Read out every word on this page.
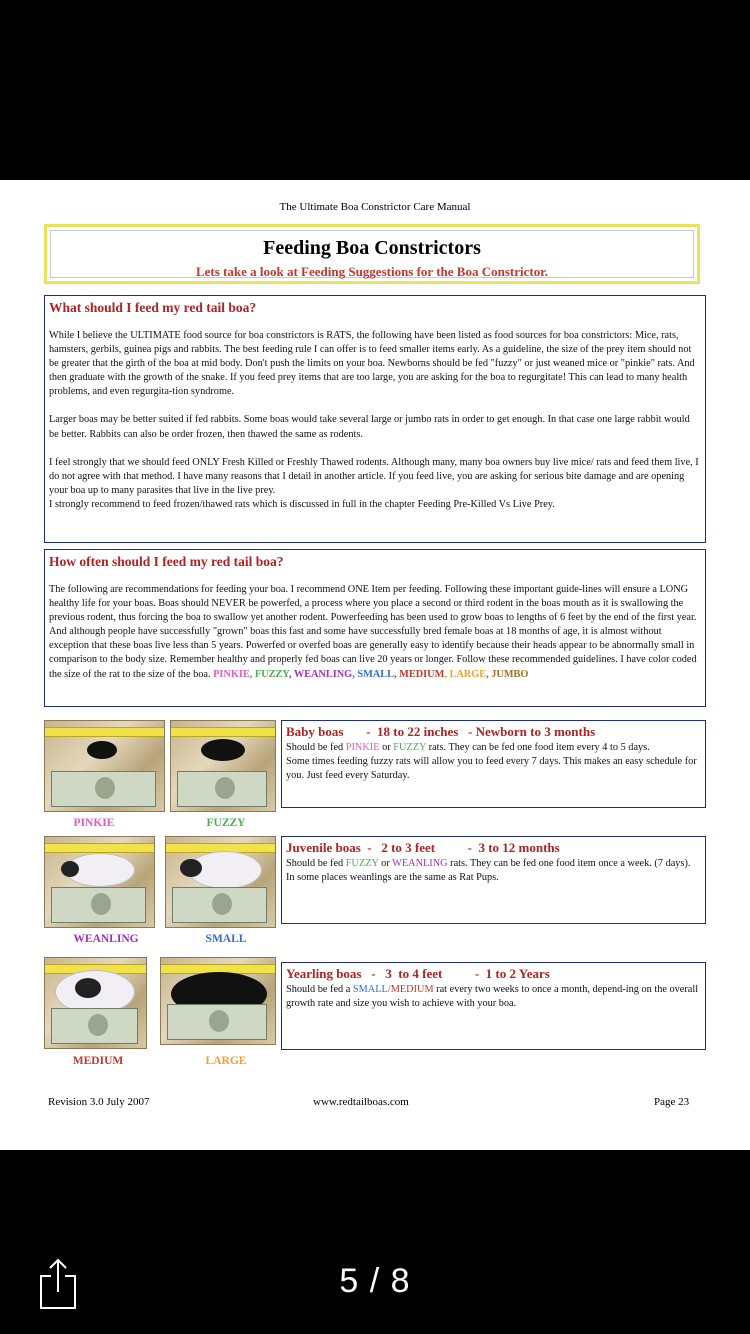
The Ultimate Boa Constrictor Care Manual
Feeding Boa Constrictors
Lets take a look at Feeding Suggestions for the Boa Constrictor.
What should I feed my red tail boa?

While I believe the ULTIMATE food source for boa constrictors is RATS, the following have been listed as food sources for boa constrictors: Mice, rats, hamsters, gerbils, guinea pigs and rabbits. The best feeding rule I can offer is to feed smaller items early. As a guideline, the size of the prey item should not be greater that the girth of the boa at mid body. Don't push the limits on your boa. Newborns should be fed "fuzzy" or just weaned mice or "pinkie" rats. And then graduate with the growth of the snake. If you feed prey items that are too large, you are asking for the boa to regurgitate! This can lead to many health problems, and even regurgita-tion syndrome.

Larger boas may be better suited if fed rabbits. Some boas would take several large or jumbo rats in order to get enough. In that case one large rabbit would be better. Rabbits can also be order frozen, then thawed the same as rodents.

I feel strongly that we should feed ONLY Fresh Killed or Freshly Thawed rodents. Although many, many boa owners buy live mice/ rats and feed them live, I do not agree with that method. I have many reasons that I detail in another article. If you feed live, you are asking for serious bite damage and are opening your boa up to many parasites that live in the live prey.

I strongly recommend to feed frozen/thawed rats which is discussed in full in the chapter Feeding Pre-Killed Vs Live Prey.

How often should I feed my red tail boa?

The following are recommendations for feeding your boa. I recommend ONE Item per feeding. Following these important guide-lines will ensure a LONG healthy life for your boas. Boas should NEVER be powerfed, a process where you place a second or third rodent in the boas mouth as it is swallowing the previous rodent, thus forcing the boa to swallow yet another rodent. Powerfeeding has been used to grow boas to lengths of 6 feet by the end of the first year. And although people have successfully "grown" boas this fast and some have successfully bred female boas at 18 months of age, it is almost without exception that these boas live less than 5 years. Powerfed or overfed boas are generally easy to identify because their heads appear to be abnormally small in comparison to the body size. Remember healthy and properly fed boas can live 20 years or longer. Follow these recommended guidelines. I have color coded the size of the rat to the size of the boa. PINKIE, FUZZY, WEANLING, SMALL, MEDIUM, LARGE, JUMBO

PINKIE	FUZZY
WEANLING	SMALL
MEDIUM	LARGE
Baby boas       -  18 to 22 inches   - Newborn to 3 months
Should be fed PINKIE or FUZZY rats. They can be fed one food item every 4 to 5 days.
Some times feeding fuzzy rats will allow you to feed every 7 days. This makes an easy schedule for you. Just feed every Saturday.
Juvenile boas  -   2 to 3 feet          -  3 to 12 months
Should be fed FUZZY or WEANLING rats. They can be fed one food item once a week. (7 days). In some places weanlings are the same as Rat Pups.
Yearling boas   -   3  to 4 feet          -  1 to 2 Years
Should be fed a SMALL/MEDIUM rat every two weeks to once a month, depend-ing on the overall growth rate and size you wish to achieve with your boa.
Revision 3.0 July 2007	www.redtailboas.com	Page 23
5 / 8
